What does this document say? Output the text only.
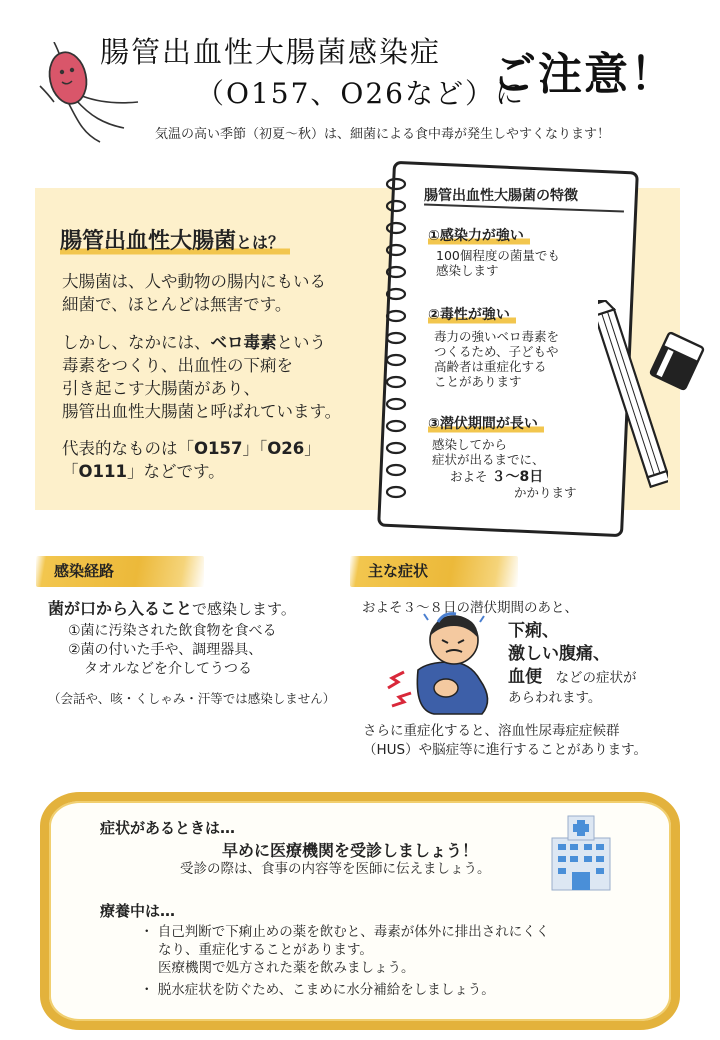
腸管出血性大腸菌感染症
（O157、O26など）に
ご注意！
気温の高い季節（初夏〜秋）は、細菌による食中毒が発生しやすくなります！
腸管出血性大腸菌とは？
大腸菌は、人や動物の腸内にもいる
細菌で、ほとんどは無害です。
しかし、なかには、ベロ毒素という
毒素をつくり、出血性の下痢を
引き起こす大腸菌があり、
腸管出血性大腸菌と呼ばれています。
代表的なものは「O157」「O26」
「O111」などです。
腸管出血性大腸菌の特徴
①感染力が強い
100個程度の菌量でも
感染します
②毒性が強い
毒力の強いベロ毒素を
つくるため、子どもや
高齢者は重症化する
ことがあります
③潜伏期間が長い
感染してから
症状が出るまでに、
およそ ３〜8日
かかります
感染経路
菌が口から入ることで感染します。
①菌に汚染された飲食物を食べる
②菌の付いた手や、調理器具、
タオルなどを介してうつる
（会話や、咳・くしゃみ・汗等では感染しません）
主な症状
およそ３〜８日の潜伏期間のあと、
下痢、
激しい腹痛、
血便　などの症状が
あらわれます。
さらに重症化すると、溶血性尿毒症症候群
（HUS）や脳症等に進行することがあります。
症状があるときは…
早めに医療機関を受診しましょう！
受診の際は、食事の内容等を医師に伝えましょう。
療養中は…
・ 自己判断で下痢止めの薬を飲むと、毒素が体外に排出されにくく
なり、重症化することがあります。
医療機関で処方された薬を飲みましょう。
・ 脱水症状を防ぐため、こまめに水分補給をしましょう。
